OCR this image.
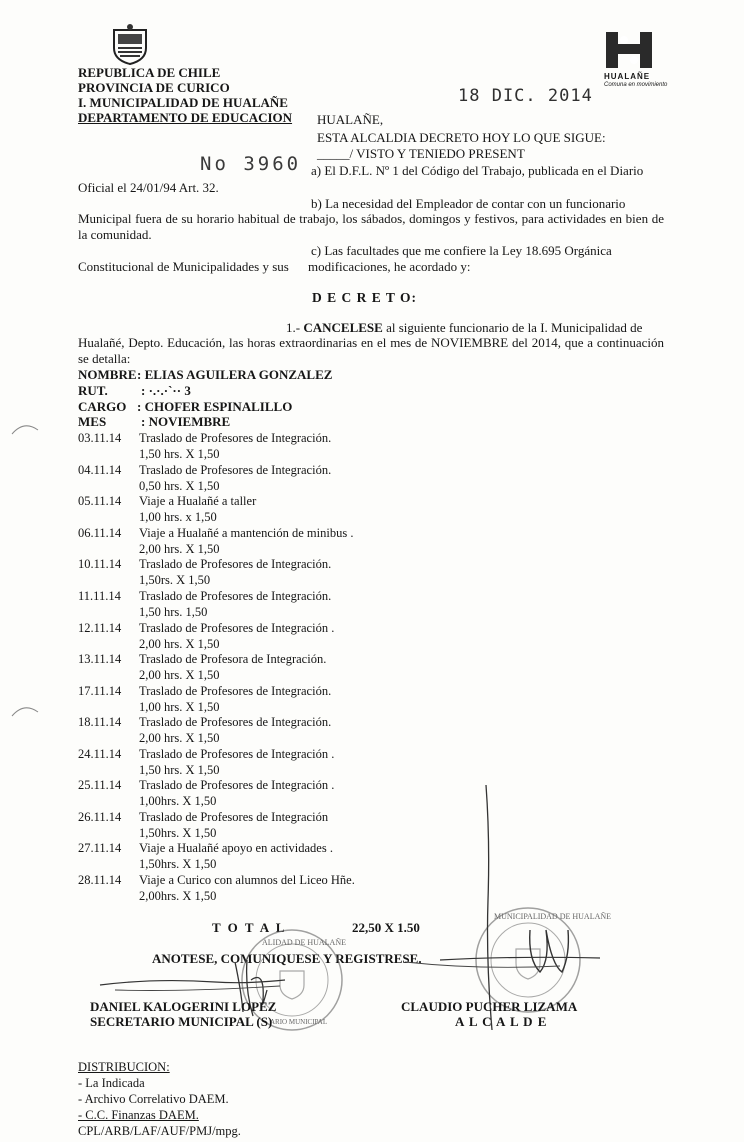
REPUBLICA DE CHILE
PROVINCIA DE CURICO
I. MUNICIPALIDAD DE HUALAÑE
DEPARTAMENTO DE EDUCACION
18 DIC. 2014
HUALAÑE
Comuna en movimiento
HUALAÑE,
ESTA ALCALDIA DECRETO HOY LO QUE SIGUE:
_____/ VISTO Y TENIEDO PRESENT
No 3960 a) El D.F.L. Nº 1 del Código del Trabajo, publicada en el Diario
Oficial el 24/01/94 Art. 32.
b) La necesidad del Empleador de contar con un funcionario
Municipal fuera de su horario habitual de trabajo, los sábados, domingos y festivos, para actividades en bien de la comunidad.
c) Las facultades que me confiere la Ley 18.695 Orgánica
Constitucional de Municipalidades y sus modificaciones, he acordado y:
D E C R E T O:
1.- CANCELESE al siguiente funcionario de la I. Municipalidad de
Hualañé, Depto. Educación, las horas extraordinarias en el mes de NOVIEMBRE del 2014, que a continuación se detalla:
NOMBRE : ELIAS AGUILERA GONZALEZ
RUT.	: ·.·.·`·· 3
CARGO : CHOFER ESPINALILLO
MES	: NOVIEMBRE
03.11.14 Traslado de Profesores de Integración.
1,50 hrs. X 1,50
04.11.14 Traslado de Profesores de Integración.
0,50 hrs. X 1,50
05.11.14 Viaje a Hualañé a taller
1,00 hrs. x 1,50
06.11.14 Viaje a Hualañé a mantención de minibus .
2,00 hrs. X 1,50
10.11.14 Traslado de Profesores de Integración.
1,50rs. X 1,50
11.11.14 Traslado de Profesores de Integración.
1,50 hrs. 1,50
12.11.14 Traslado de Profesores de Integración .
2,00 hrs. X 1,50
13.11.14 Traslado de Profesora de Integración.
2,00 hrs. X 1,50
17.11.14 Traslado de Profesores de Integración.
1,00 hrs. X 1,50
18.11.14 Traslado de Profesores de Integración.
2,00 hrs. X 1,50
24.11.14 Traslado de Profesores de Integración .
1,50 hrs. X 1,50
25.11.14 Traslado de Profesores de Integración .
1,00hrs. X 1,50
26.11.14 Traslado de Profesores de Integración
1,50hrs. X 1,50
27.11.14 Viaje a Hualañé apoyo en actividades .
1,50hrs. X 1,50
28.11.14 Viaje a Curico con alumnos del Liceo Hñe.
2,00hrs. X 1,50
T O T A L	22,50 X 1.50
ANOTESE, COMUNIQUESE Y REGISTRESE.
ALIDAD DE HUALAÑE
ARIO MUNICIPAL
MUNICIPALIDAD DE HUALAÑE
DANIEL KALOGERINI LOPEZ
SECRETARIO MUNICIPAL (S)
CLAUDIO PUCHER LIZAMA
A L C A L D E
DISTRIBUCION:
- La Indicada
- Archivo Correlativo DAEM.
- C.C. Finanzas DAEM.
CPL/ARB/LAF/AUF/PMJ/mpg.
